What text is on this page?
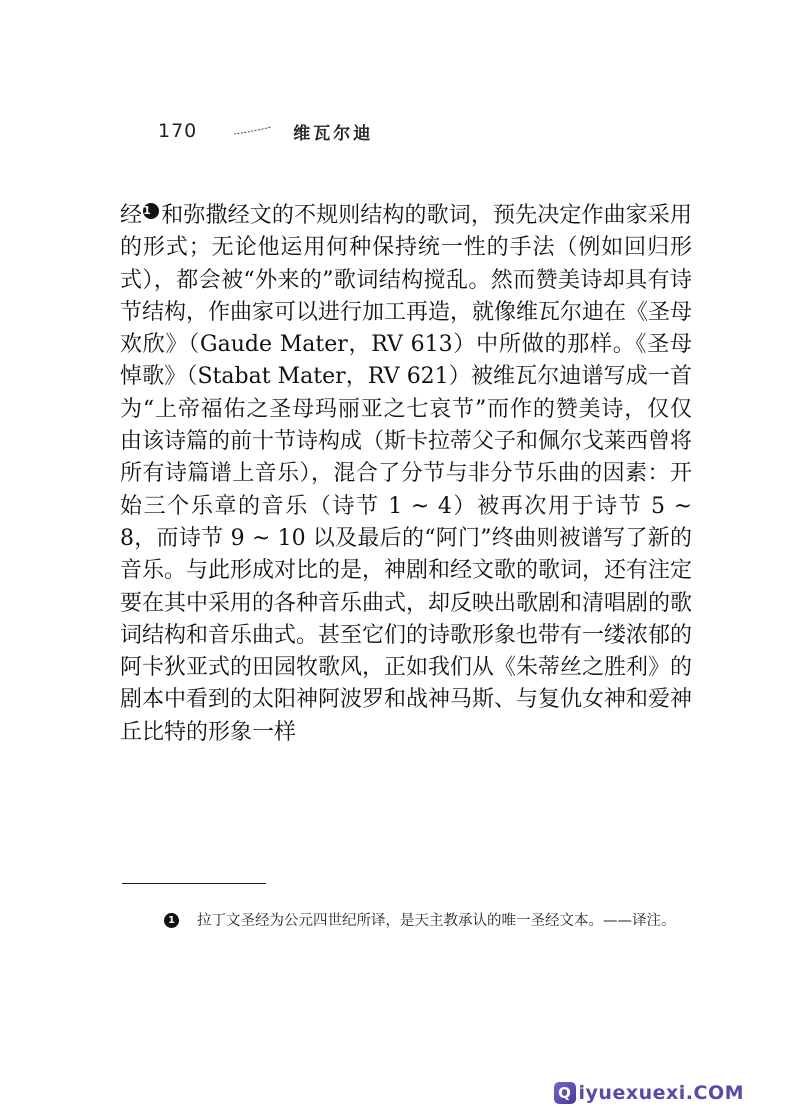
170	维瓦尔迪

经1 和弥撒经文的不规则结构的歌词，预先决定作曲家采用的形式；无论他运用何种保持统一性的手法（例如回归形式），都会被“外来的”歌词结构搅乱。然而赞美诗却具有诗节结构，作曲家可以进行加工再造，就像维瓦尔迪在《圣母欢欣》（Gaude Mater，RV 613）中所做的那样。《圣母悼歌》（Stabat Mater，RV 621）被维瓦尔迪谱写成一首为“上帝福佑之圣母玛丽亚之七哀节”而作的赞美诗，仅仅由该诗篇的前十节诗构成（斯卡拉蒂父子和佩尔戈莱西曾将所有诗篇谱上音乐），混合了分节与非分节乐曲的因素：开始三个乐章的音乐（诗节 1 ~ 4）被再次用于诗节 5 ~ 8，而诗节 9 ~ 10 以及最后的“阿门”终曲则被谱写了新的音乐。与此形成对比的是，神剧和经文歌的歌词，还有注定要在其中采用的各种音乐曲式，却反映出歌剧和清唱剧的歌词结构和音乐曲式。甚至它们的诗歌形象也带有一缕浓郁的阿卡狄亚式的田园牧歌风，正如我们从《朱蒂丝之胜利》的剧本中看到的太阳神阿波罗和战神马斯、与复仇女神和爱神丘比特的形象一样

1 拉丁文圣经为公元四世纪所译，是天主教承认的唯一圣经文本。——译注。
Q iyuexuexi.COM
